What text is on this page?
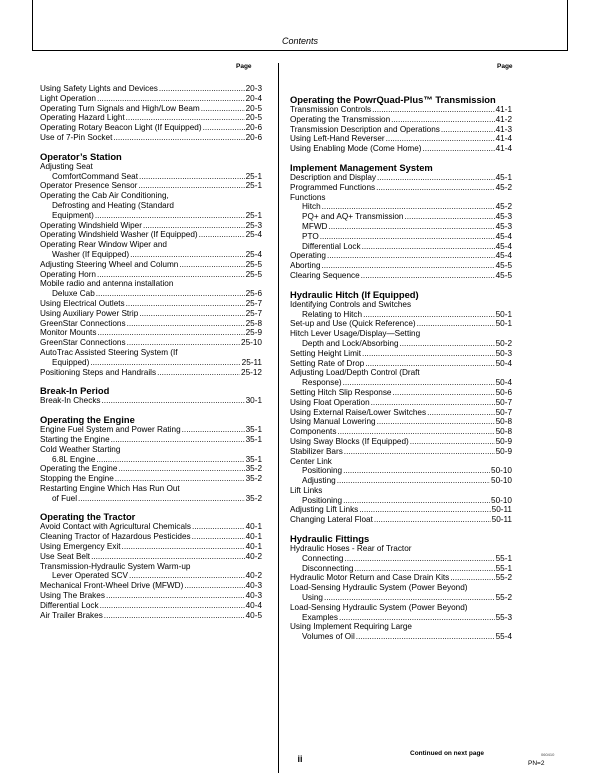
Contents
Page	Page
Using Safety Lights and Devices .....	20-3
Light Operation .....	20-4
Operating Turn Signals and High/Low Beam .....	20-5
Operating Hazard Light .....	20-5
Operating Rotary Beacon Light (If Equipped) .....	20-6
Use of 7-Pin Socket .....	20-6
Operator’s Station
Adjusting Seat
ComfortCommand Seat .....	25-1
Operator Presence Sensor .....	25-1
Operating the Cab Air Conditioning,
Defrosting and Heating (Standard
Equipment) .....	25-1
Operating Windshield Wiper .....	25-3
Operating Windshield Washer (If Equipped) .....	25-4
Operating Rear Window Wiper and
Washer (If Equipped) .....	25-4
Adjusting Steering Wheel and Column .....	25-5
Operating Horn .....	25-5
Mobile radio and antenna installation
Deluxe Cab .....	25-6
Using Electrical Outlets .....	25-7
Using Auxiliary Power Strip .....	25-7
GreenStar Connections .....	25-8
Monitor Mounts .....	25-9
GreenStar Connections .....	25-10
AutoTrac Assisted Steering System (If
Equipped) .....	25-11
Positioning Steps and Handrails .....	25-12
Break-In Period
Break-In Checks .....	30-1
Operating the Engine
Engine Fuel System and Power Rating .....	35-1
Starting the Engine .....	35-1
Cold Weather Starting
6.8L Engine .....	35-1
Operating the Engine .....	35-2
Stopping the Engine .....	35-2
Restarting Engine Which Has Run Out
of Fuel .....	35-2
Operating the Tractor
Avoid Contact with Agricultural Chemicals .....	40-1
Cleaning Tractor of Hazardous Pesticides .....	40-1
Using Emergency Exit .....	40-1
Use Seat Belt .....	40-2
Transmission-Hydraulic System Warm-up
Lever Operated SCV .....	40-2
Mechanical Front-Wheel Drive (MFWD) .....	40-3
Using The Brakes .....	40-3
Differential Lock .....	40-4
Air Trailer Brakes .....	40-5
Operating the PowrQuad-Plus™ Transmission
Transmission Controls .....	41-1
Operating the Transmission .....	41-2
Transmission Description and Operations .....	41-3
Using Left-Hand Reverser .....	41-4
Using Enabling Mode (Come Home) .....	41-4
Implement Management System
Description and Display .....	45-1
Programmed Functions .....	45-2
Functions
Hitch .....	45-2
PQ+ and AQ+ Transmission .....	45-3
MFWD .....	45-3
PTO .....	45-4
Differential Lock .....	45-4
Operating .....	45-4
Aborting .....	45-5
Clearing Sequence .....	45-5
Hydraulic Hitch (If Equipped)
Identifying Controls and Switches
Relating to Hitch .....	50-1
Set-up and Use (Quick Reference) .....	50-1
Hitch Lever Usage/Display—Setting
Depth and Lock/Absorbing .....	50-2
Setting Height Limit .....	50-3
Setting Rate of Drop .....	50-4
Adjusting Load/Depth Control (Draft
Response) .....	50-4
Setting Hitch Slip Response .....	50-6
Using Float Operation .....	50-7
Using External Raise/Lower Switches .....	50-7
Using Manual Lowering .....	50-8
Components .....	50-8
Using Sway Blocks (If Equipped) .....	50-9
Stabilizer Bars .....	50-9
Center Link
Positioning .....	50-10
Adjusting .....	50-10
Lift Links
Positioning .....	50-10
Adjusting Lift Links .....	50-11
Changing Lateral Float .....	50-11
Hydraulic Fittings
Hydraulic Hoses - Rear of Tractor
Connecting .....	55-1
Disconnecting .....	55-1
Hydraulic Motor Return and Case Drain Kits .....	55-2
Load-Sensing Hydraulic System (Power Beyond)
Using .....	55-2
Load-Sensing Hydraulic System (Power Beyond)
Examples .....	55-3
Using Implement Requiring Large
Volumes of Oil .....	55-4
Continued on next page
ii	060410
PN=2
